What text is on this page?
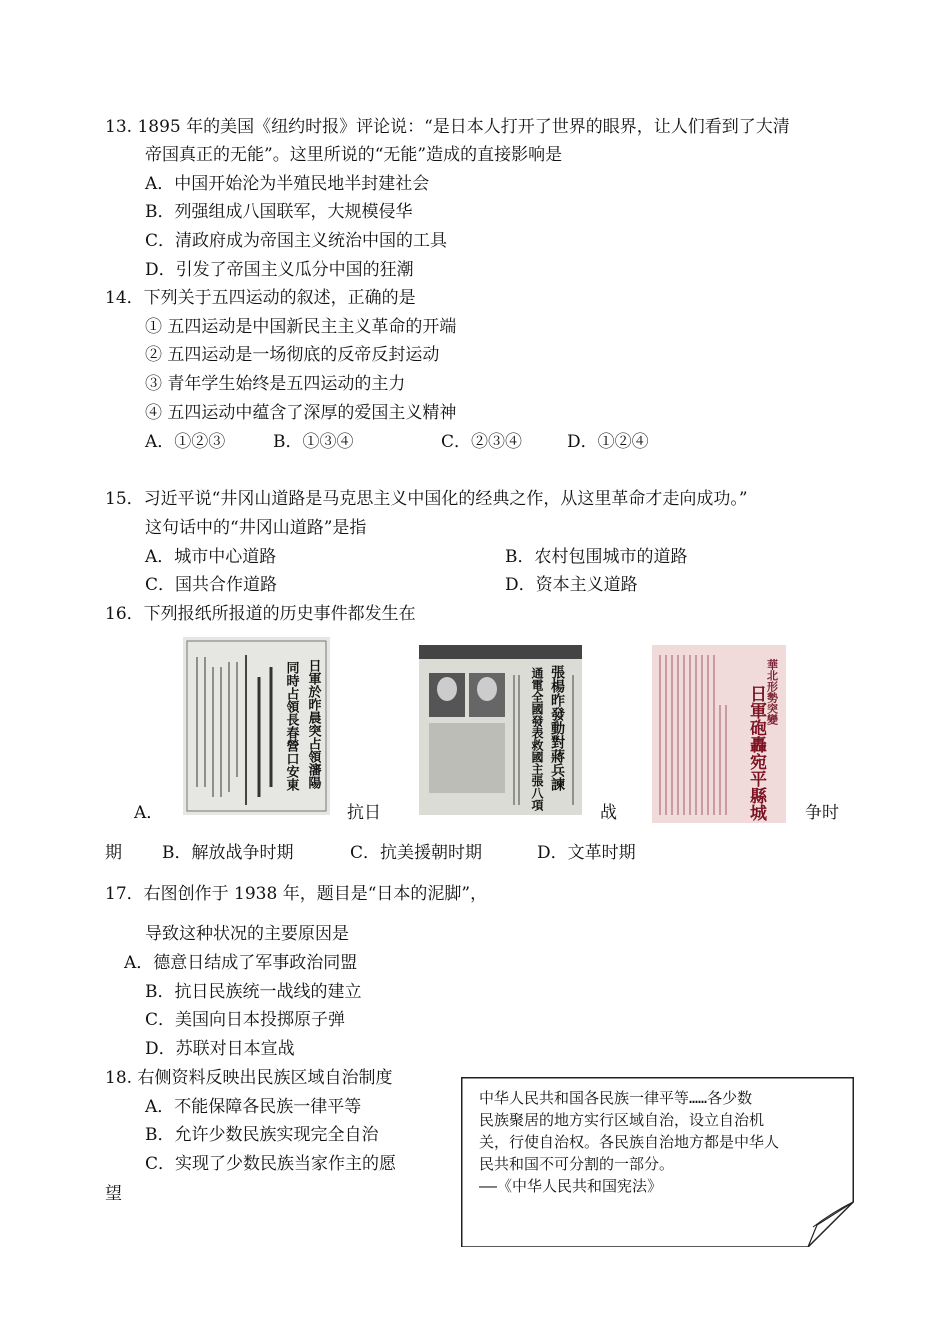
13. 1895 年的美国《纽约时报》评论说：“是日本人打开了世界的眼界，让人们看到了大清
帝国真正的无能”。这里所说的“无能”造成的直接影响是
A．中国开始沦为半殖民地半封建社会
B．列强组成八国联军，大规模侵华
C．清政府成为帝国主义统治中国的工具
D．引发了帝国主义瓜分中国的狂潮
14．下列关于五四运动的叙述，正确的是
① 五四运动是中国新民主主义革命的开端
② 五四运动是一场彻底的反帝反封运动
③ 青年学生始终是五四运动的主力
④ 五四运动中蕴含了深厚的爱国主义精神
A．①②③	B．①③④	C．②③④	D．①②④
15．习近平说“井冈山道路是马克思主义中国化的经典之作，从这里革命才走向成功。”
这句话中的“井冈山道路”是指
A．城市中心道路	B．农村包围城市的道路
C．国共合作道路	D．资本主义道路
16．下列报纸所报道的历史事件都发生在
全國民衆同起救國
日軍於昨晨突占領瀋陽
同時占領長春營口安東
爭取中華民族生存
張楊昨發動對蔣兵諫
通電全國發表救國主張八項	華北形勢突變
日軍砲轟宛平縣城
A．	抗日	战	争时
期 B．解放战争时期	C．抗美援朝时期	D．文革时期
17．右图创作于 1938 年，题目是“日本的泥脚”，
导致这种状况的主要原因是
A．德意日结成了军事政治同盟
B．抗日民族统一战线的建立
C．美国向日本投掷原子弹
D．苏联对日本宣战
18. 右侧资料反映出民族区域自治制度
A．不能保障各民族一律平等
B．允许少数民族实现完全自治
C．实现了少数民族当家作主的愿
望
中华人民共和国各民族一律平等……各少数
民族聚居的地方实行区域自治，设立自治机
关，行使自治权。各民族自治地方都是中华人
民共和国不可分割的一部分。
——《中华人民共和国宪法》
